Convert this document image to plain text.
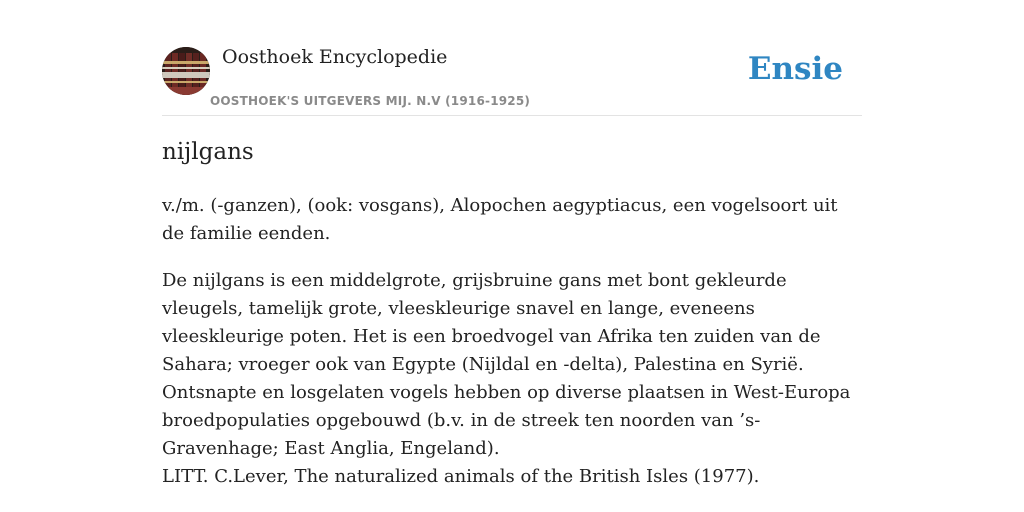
Oosthoek Encyclopedie
OOSTHOEK'S UITGEVERS MIJ. N.V (1916-1925)
Ensie
nijlgans

v./m. (-ganzen), (ook: vosgans), Alopochen aegyptiacus, een vogelsoort uit de familie eenden.

De nijlgans is een middelgrote, grijsbruine gans met bont gekleurde vleugels, tamelijk grote, vleeskleurige snavel en lange, eveneens vleeskleurige poten. Het is een broedvogel van Afrika ten zuiden van de Sahara; vroeger ook van Egypte (Nijldal en -delta), Palestina en Syrië. Ontsnapte en losgelaten vogels hebben op diverse plaatsen in West-Europa broedpopulaties opgebouwd (b.v. in de streek ten noorden van ’s-Gravenhage; East Anglia, Engeland).

LITT. C.Lever, The naturalized animals of the British Isles (1977).
